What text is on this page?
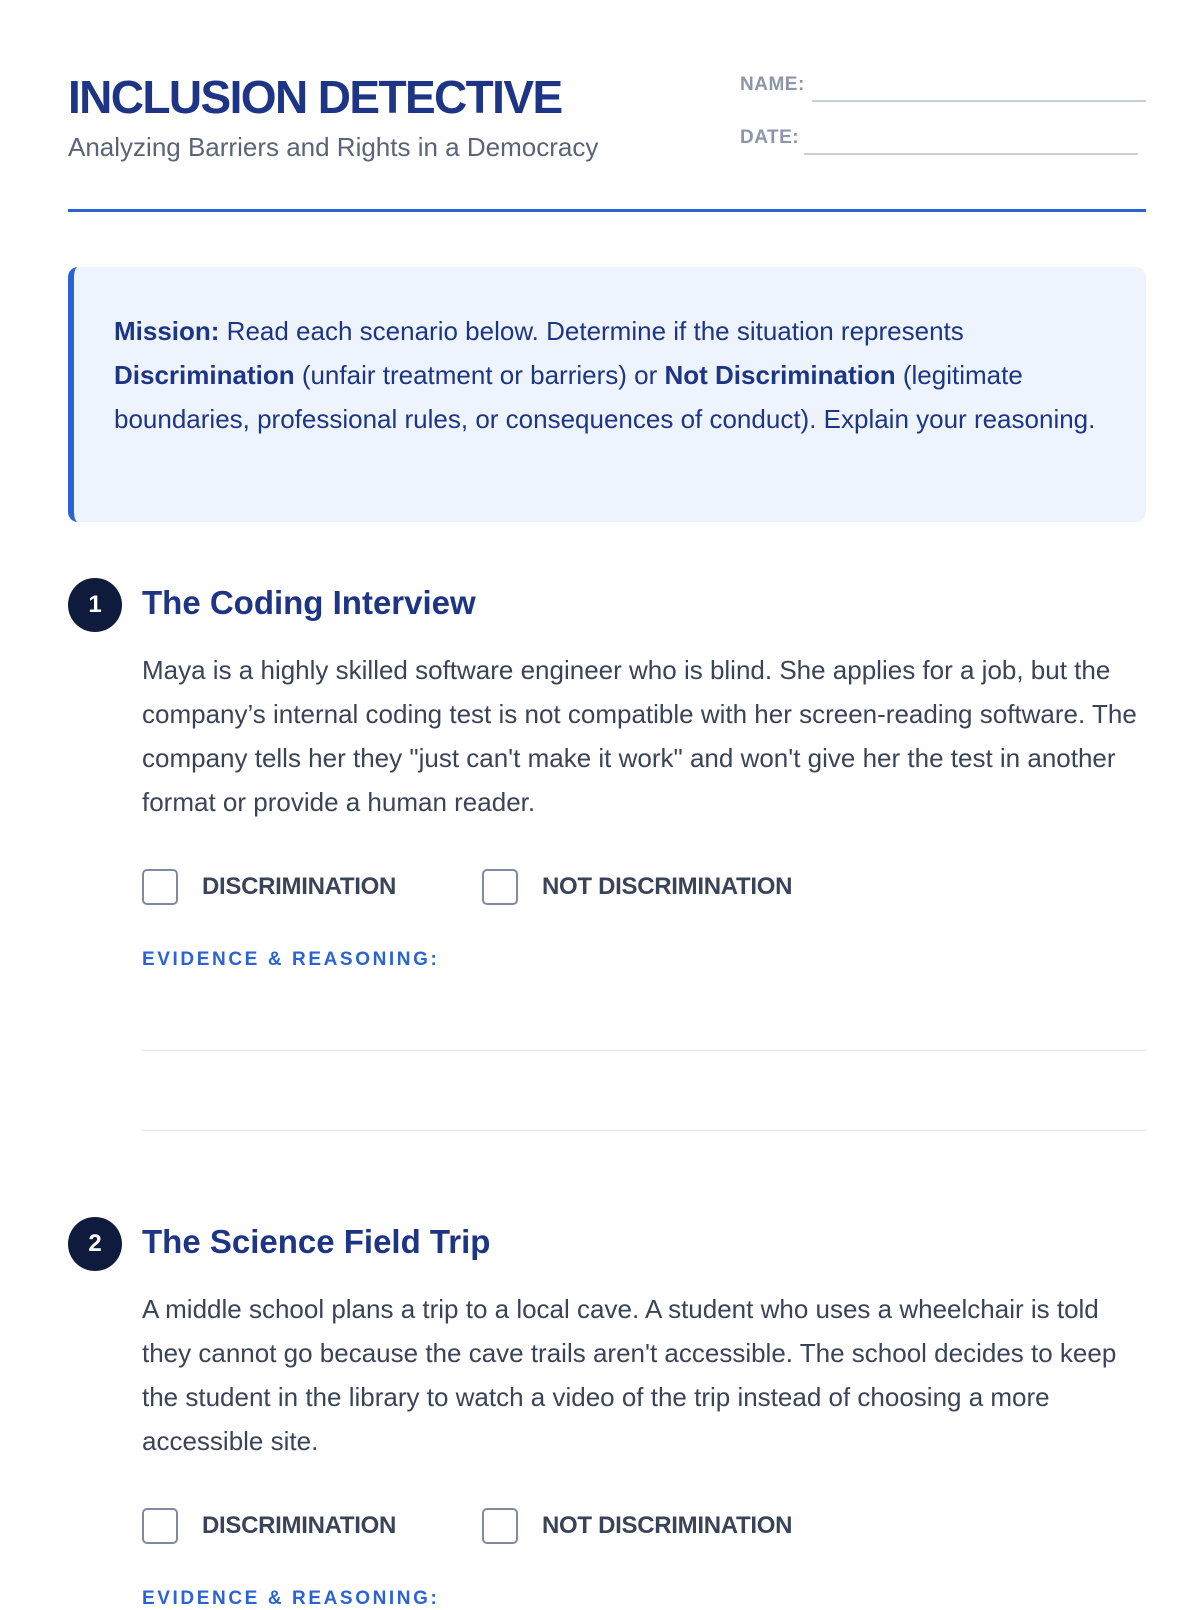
INCLUSION DETECTIVE
Analyzing Barriers and Rights in a Democracy
NAME:
DATE:
Mission: Read each scenario below. Determine if the situation represents Discrimination (unfair treatment or barriers) or Not Discrimination (legitimate boundaries, professional rules, or consequences of conduct). Explain your reasoning.
1	The Coding Interview
Maya is a highly skilled software engineer who is blind. She applies for a job, but the company’s internal coding test is not compatible with her screen-reading software. The company tells her they "just can't make it work" and won't give her the test in another format or provide a human reader.
DISCRIMINATION	NOT DISCRIMINATION
EVIDENCE & REASONING:
2	The Science Field Trip
A middle school plans a trip to a local cave. A student who uses a wheelchair is told they cannot go because the cave trails aren't accessible. The school decides to keep the student in the library to watch a video of the trip instead of choosing a more accessible site.
DISCRIMINATION	NOT DISCRIMINATION
EVIDENCE & REASONING:
